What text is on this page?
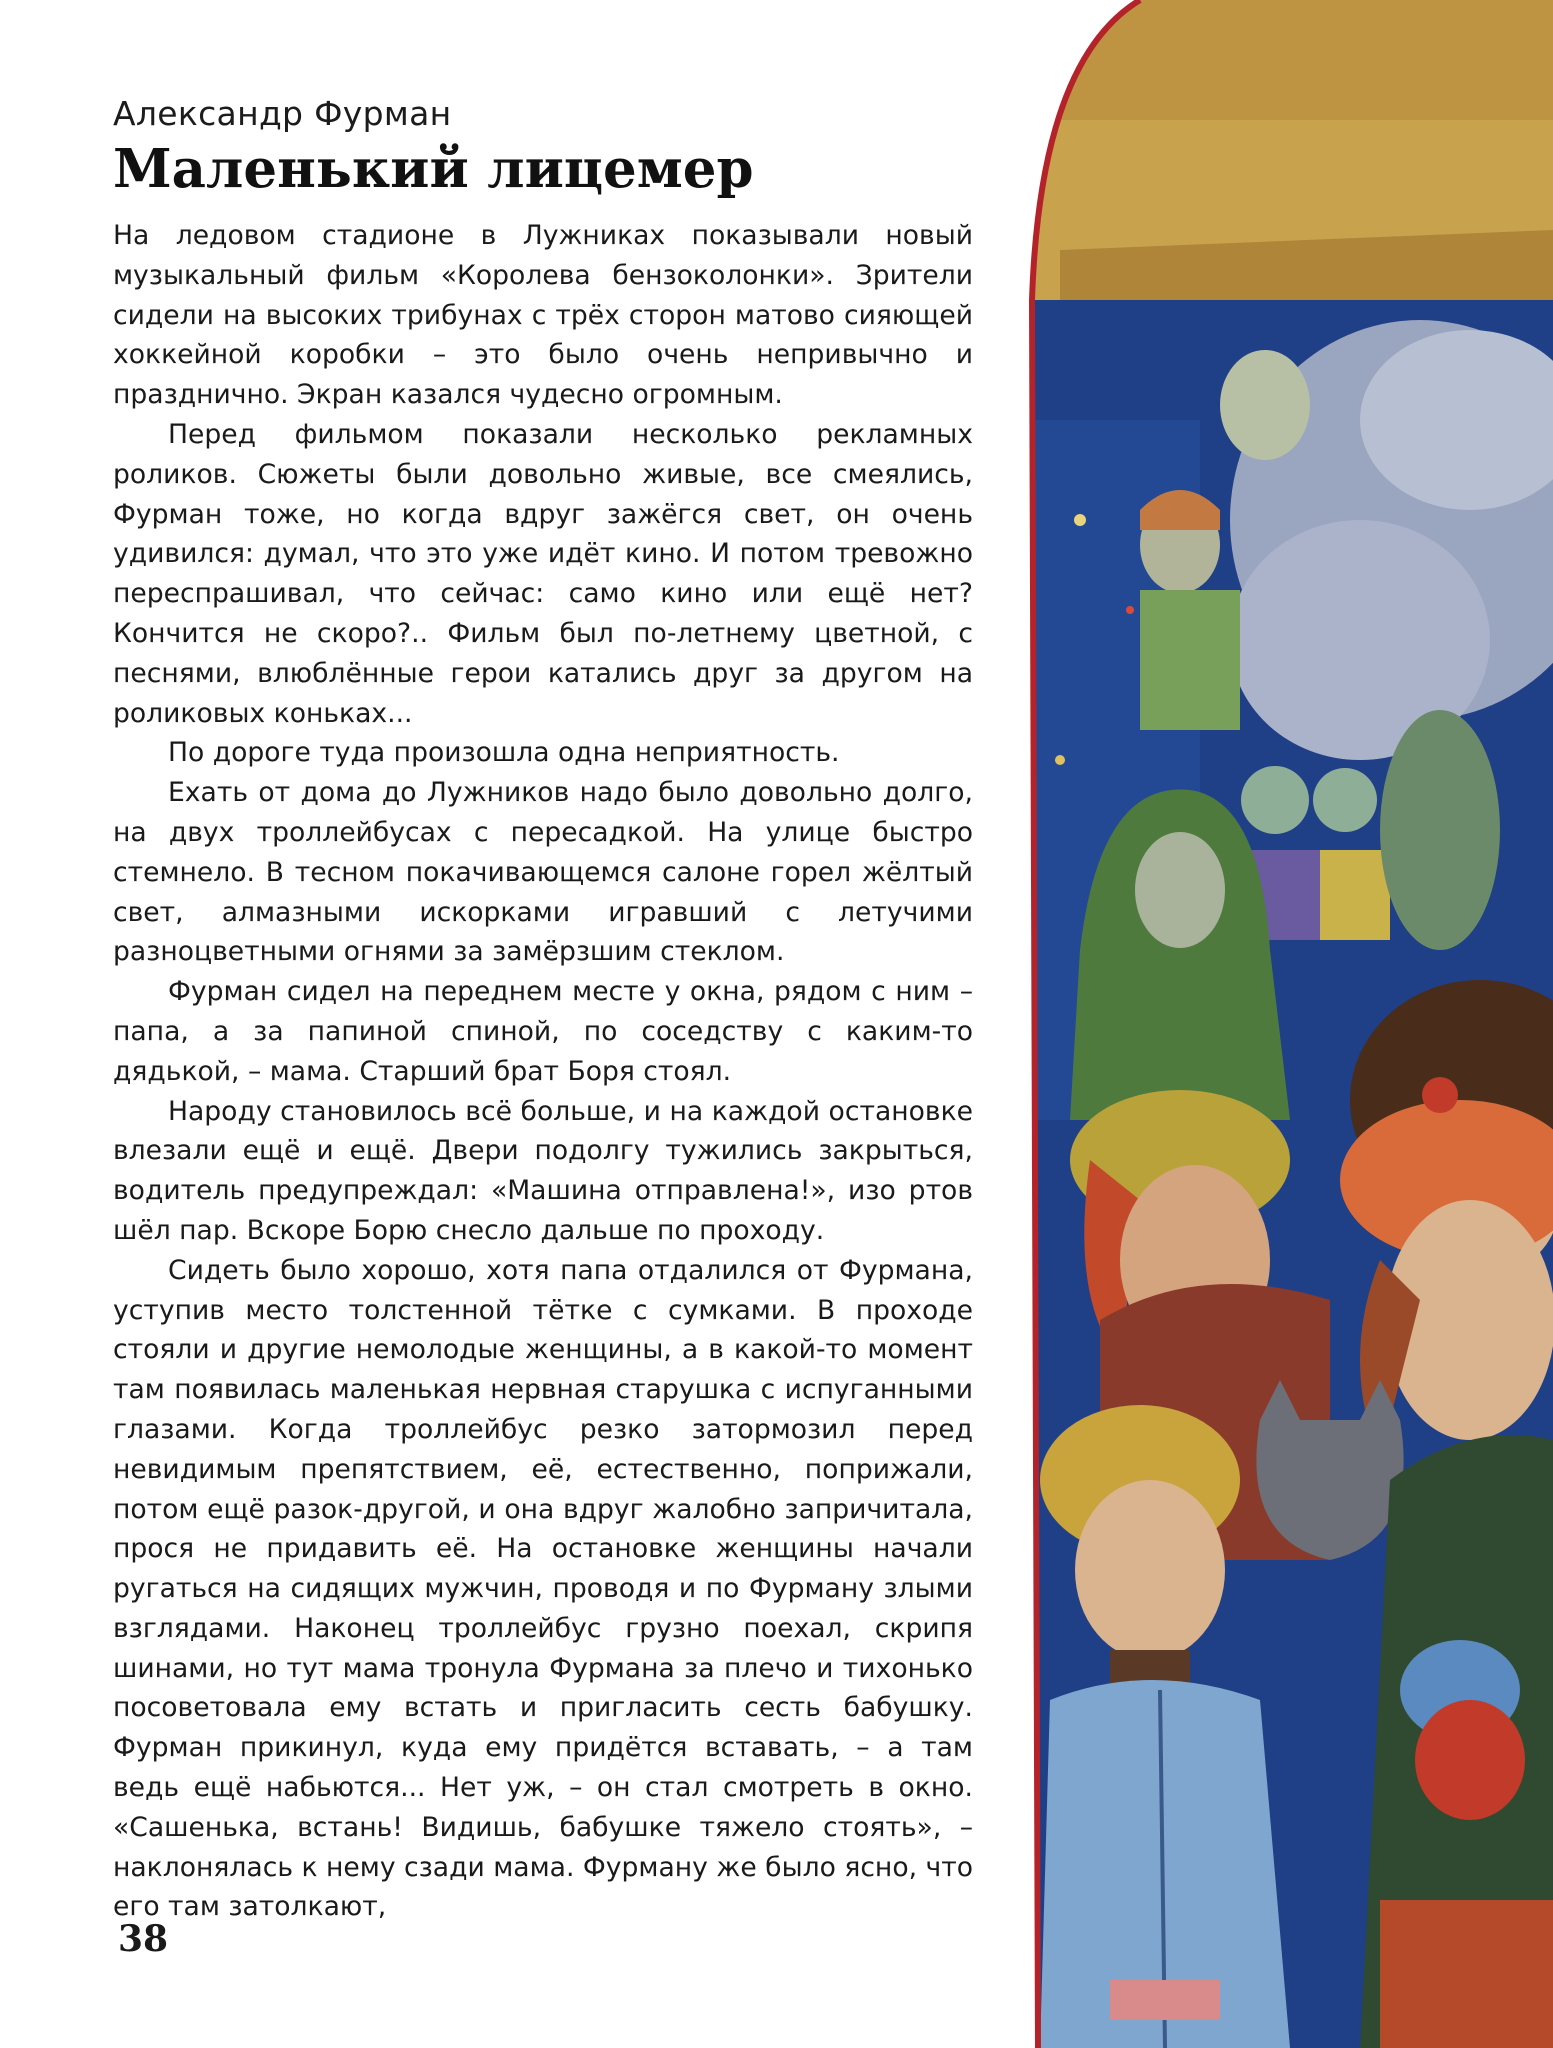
Александр Фурман

Маленький лицемер

На ледовом стадионе в Лужниках показывали новый музыкальный фильм «Королева бензоколонки». Зрители сидели на высоких трибунах с трёх сторон матово сияющей хоккейной коробки – это было очень непривычно и празднично. Экран казался чудесно огромным.

Перед фильмом показали несколько рекламных роликов. Сюжеты были довольно живые, все смеялись, Фурман тоже, но когда вдруг зажёгся свет, он очень удивился: думал, что это уже идёт кино. И потом тревожно переспрашивал, что сейчас: само кино или ещё нет? Кончится не скоро?.. Фильм был по-летнему цветной, с песнями, влюблённые герои катались друг за другом на роликовых коньках...

По дороге туда произошла одна неприятность.

Ехать от дома до Лужников надо было довольно долго, на двух троллейбусах с пересадкой. На улице быстро стемнело. В тесном покачивающемся салоне горел жёлтый свет, алмазными искорками игравший с летучими разноцветными огнями за замёрзшим стеклом.

Фурман сидел на переднем месте у окна, рядом с ним – папа, а за папиной спиной, по соседству с каким-то дядькой, – мама. Старший брат Боря стоял.

Народу становилось всё больше, и на каждой остановке влезали ещё и ещё. Двери подолгу тужились закрыться, водитель предупреждал: «Машина отправлена!», изо ртов шёл пар. Вскоре Борю снесло дальше по проходу.

Сидеть было хорошо, хотя папа отдалился от Фурмана, уступив место толстенной тётке с сумками. В проходе стояли и другие немолодые женщины, а в какой-то момент там появилась маленькая нервная старушка с испуганными глазами. Когда троллейбус резко затормозил перед невидимым препятствием, её, естественно, поприжали, потом ещё разок-другой, и она вдруг жалобно запричитала, прося не придавить её. На остановке женщины начали ругаться на сидящих мужчин, проводя и по Фурману злыми взглядами. Наконец троллейбус грузно поехал, скрипя шинами, но тут мама тронула Фурмана за плечо и тихонько посоветовала ему встать и пригласить сесть бабушку. Фурман прикинул, куда ему придётся вставать, – а там ведь ещё набьются... Нет уж, – он стал смотреть в окно. «Сашенька, встань! Видишь, бабушке тяжело стоять», – наклонялась к нему сзади мама. Фурману же было ясно, что его там затолкают,

38
